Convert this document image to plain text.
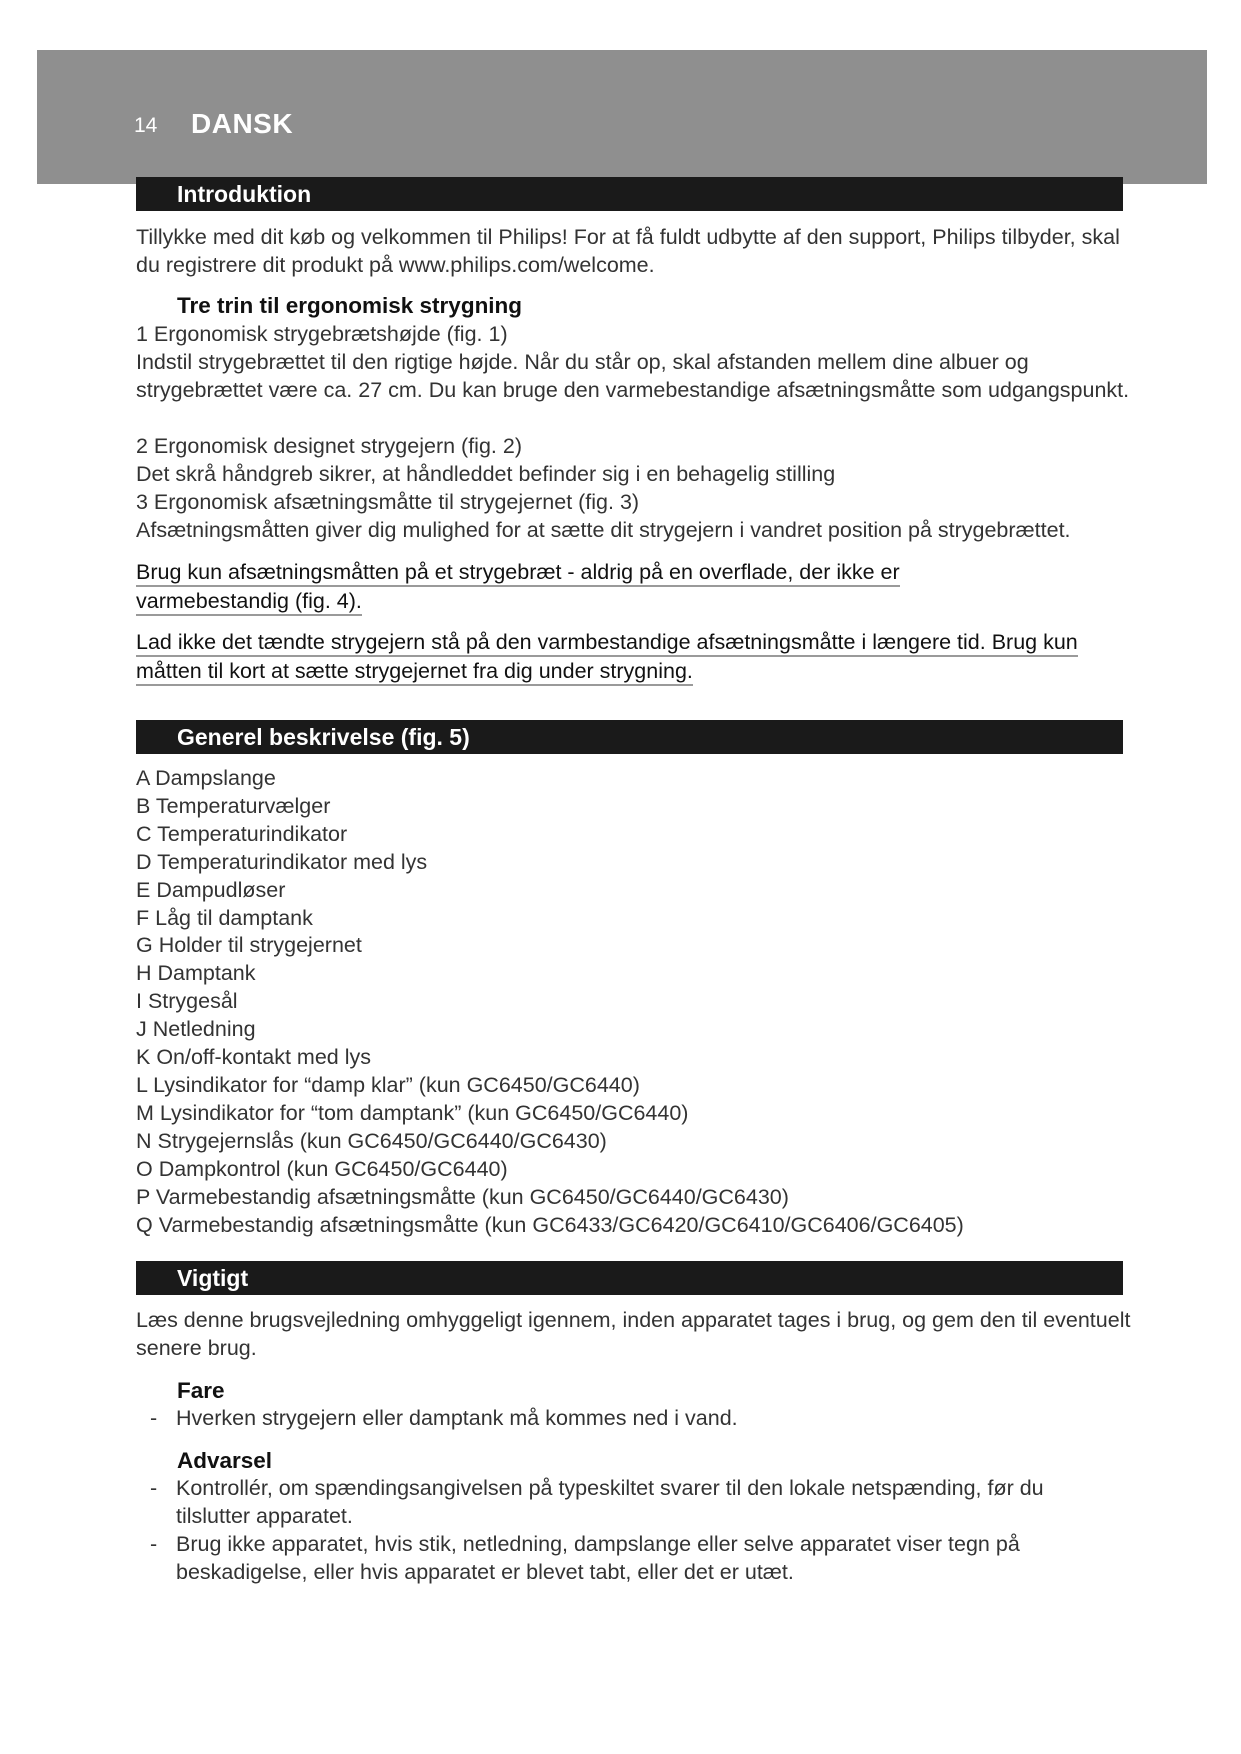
14 DANSK
Introduktion
Tillykke med dit køb og velkommen til Philips! For at få fuldt udbytte af den support, Philips tilbyder, skal du registrere dit produkt på www.philips.com/welcome.
Tre trin til ergonomisk strygning
1 Ergonomisk strygebrætshøjde (fig. 1)
Indstil strygebrættet til den rigtige højde. Når du står op, skal afstanden mellem dine albuer og strygebrættet være ca. 27 cm. Du kan bruge den varmebestandige afsætningsmåtte som udgangspunkt.
2 Ergonomisk designet strygejern (fig. 2)
Det skrå håndgreb sikrer, at håndleddet befinder sig i en behagelig stilling
3 Ergonomisk afsætningsmåtte til strygejernet (fig. 3)
Afsætningsmåtten giver dig mulighed for at sætte dit strygejern i vandret position på strygebrættet.
Brug kun afsætningsmåtten på et strygebræt - aldrig på en overflade, der ikke er
varmebestandig (fig. 4).
Lad ikke det tændte strygejern stå på den varmbestandige afsætningsmåtte i længere tid. Brug kun
måtten til kort at sætte strygejernet fra dig under strygning.
Generel beskrivelse (fig. 5)
A Dampslange
B Temperaturvælger
C Temperaturindikator
D Temperaturindikator med lys
E Dampudløser
F Låg til damptank
G Holder til strygejernet
H Damptank
I Strygesål
J Netledning
K On/off-kontakt med lys
L Lysindikator for “damp klar” (kun GC6450/GC6440)
M Lysindikator for “tom damptank” (kun GC6450/GC6440)
N Strygejernslås (kun GC6450/GC6440/GC6430)
O Dampkontrol (kun GC6450/GC6440)
P Varmebestandig afsætningsmåtte (kun GC6450/GC6440/GC6430)
Q Varmebestandig afsætningsmåtte (kun GC6433/GC6420/GC6410/GC6406/GC6405)
Vigtigt
Læs denne brugsvejledning omhyggeligt igennem, inden apparatet tages i brug, og gem den til eventuelt senere brug.
Fare
- Hverken strygejern eller damptank må kommes ned i vand.
Advarsel
- Kontrollér, om spændingsangivelsen på typeskiltet svarer til den lokale netspænding, før du tilslutter apparatet.
- Brug ikke apparatet, hvis stik, netledning, dampslange eller selve apparatet viser tegn på beskadigelse, eller hvis apparatet er blevet tabt, eller det er utæt.
